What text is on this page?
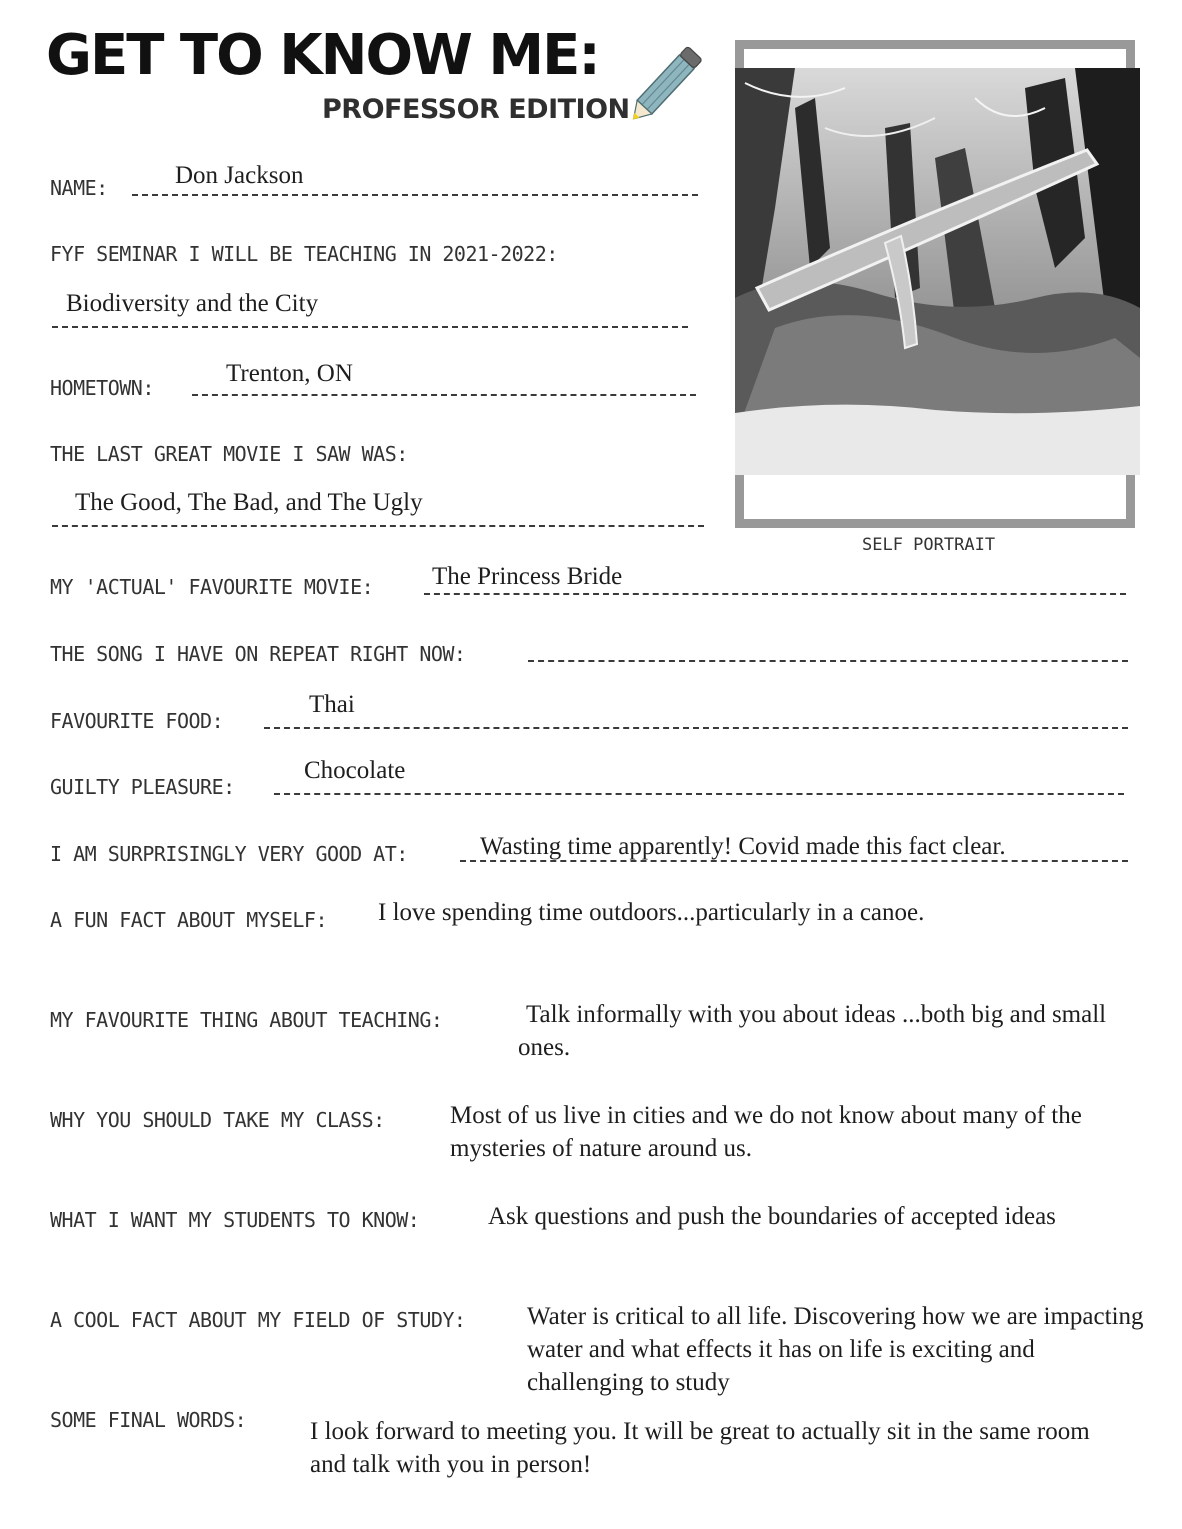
GET TO KNOW ME:
PROFESSOR EDITION
SELF PORTRAIT
NAME:	Don Jackson
FYF SEMINAR I WILL BE TEACHING IN 2021-2022:
Biodiversity and the City
HOMETOWN:
Trenton, ON
THE LAST GREAT MOVIE I SAW WAS:
The Good, The Bad, and The Ugly
MY 'ACTUAL' FAVOURITE MOVIE: The Princess Bride
THE SONG I HAVE ON REPEAT RIGHT NOW:
FAVOURITE FOOD:
Thai
GUILTY PLEASURE:
Chocolate
I AM SURPRISINGLY VERY GOOD AT:	Wasting time apparently! Covid made this fact clear.
A FUN FACT ABOUT MYSELF: I love spending time outdoors...particularly in a canoe.
MY FAVOURITE THING ABOUT TEACHING:	Talk informally with you about ideas ...both big and small ones.
WHY YOU SHOULD TAKE MY CLASS:	Most of us live in cities and we do not know about many of the mysteries of nature around us.
WHAT I WANT MY STUDENTS TO KNOW:	Ask questions and push the boundaries of accepted ideas
A COOL FACT ABOUT MY FIELD OF STUDY: Water is critical to all life. Discovering how we are impacting water and what effects it has on life is exciting and challenging to study
SOME FINAL WORDS:	I look forward to meeting you. It will be great to actually sit in the same room and talk with you in person!
